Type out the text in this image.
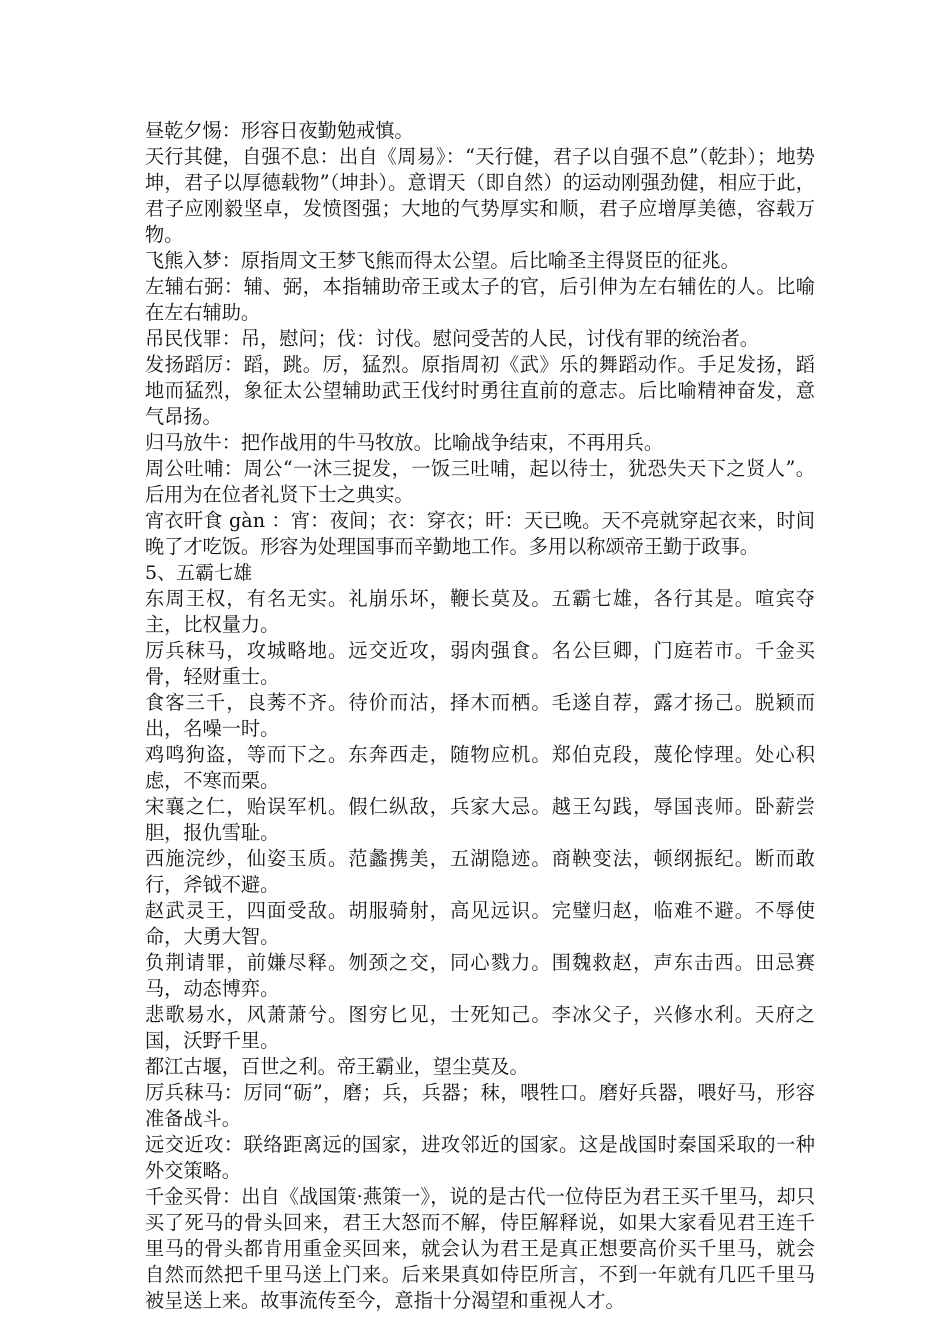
昼乾夕惕：形容日夜勤勉戒慎。

天行其健，自强不息：出自《周易》：“天行健，君子以自强不息”（乾卦）；地势坤，君子以厚德载物”（坤卦）。意谓天（即自然）的运动刚强劲健，相应于此，君子应刚毅坚卓，发愤图强；大地的气势厚实和顺，君子应增厚美德，容载万物。

飞熊入梦：原指周文王梦飞熊而得太公望。后比喻圣主得贤臣的征兆。

左辅右弼：辅、弼，本指辅助帝王或太子的官，后引伸为左右辅佐的人。比喻在左右辅助。

吊民伐罪：吊，慰问；伐：讨伐。慰问受苦的人民，讨伐有罪的统治者。

发扬蹈厉：蹈，跳。厉，猛烈。原指周初《武》乐的舞蹈动作。手足发扬，蹈地而猛烈，象征太公望辅助武王伐纣时勇往直前的意志。后比喻精神奋发，意气昂扬。

归马放牛：把作战用的牛马牧放。比喻战争结束，不再用兵。

周公吐哺：周公“一沐三捉发，一饭三吐哺，起以待士，犹恐失天下之贤人”。后用为在位者礼贤下士之典实。

宵衣旰食 gàn ：宵：夜间；衣：穿衣；旰：天已晚。天不亮就穿起衣来，时间晚了才吃饭。形容为处理国事而辛勤地工作。多用以称颂帝王勤于政事。

5、五霸七雄

东周王权，有名无实。礼崩乐坏，鞭长莫及。五霸七雄，各行其是。喧宾夺主，比权量力。

厉兵秣马，攻城略地。远交近攻，弱肉强食。名公巨卿，门庭若市。千金买骨，轻财重士。

食客三千，良莠不齐。待价而沽，择木而栖。毛遂自荐，露才扬己。脱颖而出，名噪一时。

鸡鸣狗盗，等而下之。东奔西走，随物应机。郑伯克段，蔑伦悖理。处心积虑，不寒而栗。

宋襄之仁，贻误军机。假仁纵敌，兵家大忌。越王勾践，辱国丧师。卧薪尝胆，报仇雪耻。

西施浣纱，仙姿玉质。范蠡携美，五湖隐迹。商鞅变法，顿纲振纪。断而敢行，斧钺不避。

赵武灵王，四面受敌。胡服骑射，高见远识。完璧归赵，临难不避。不辱使命，大勇大智。

负荆请罪，前嫌尽释。刎颈之交，同心戮力。围魏救赵，声东击西。田忌赛马，动态博弈。

悲歌易水，风萧萧兮。图穷匕见，士死知己。李冰父子，兴修水利。天府之国，沃野千里。

都江古堰，百世之利。帝王霸业，望尘莫及。

厉兵秣马：厉同“砺”，磨；兵，兵器；秣，喂牲口。磨好兵器，喂好马，形容准备战斗。

远交近攻：联络距离远的国家，进攻邻近的国家。这是战国时秦国采取的一种外交策略。

千金买骨：出自《战国策·燕策一》，说的是古代一位侍臣为君王买千里马，却只买了死马的骨头回来，君王大怒而不解，侍臣解释说，如果大家看见君王连千里马的骨头都肯用重金买回来，就会认为君王是真正想要高价买千里马，就会自然而然把千里马送上门来。后来果真如侍臣所言，不到一年就有几匹千里马被呈送上来。故事流传至今，意指十分渴望和重视人才。
